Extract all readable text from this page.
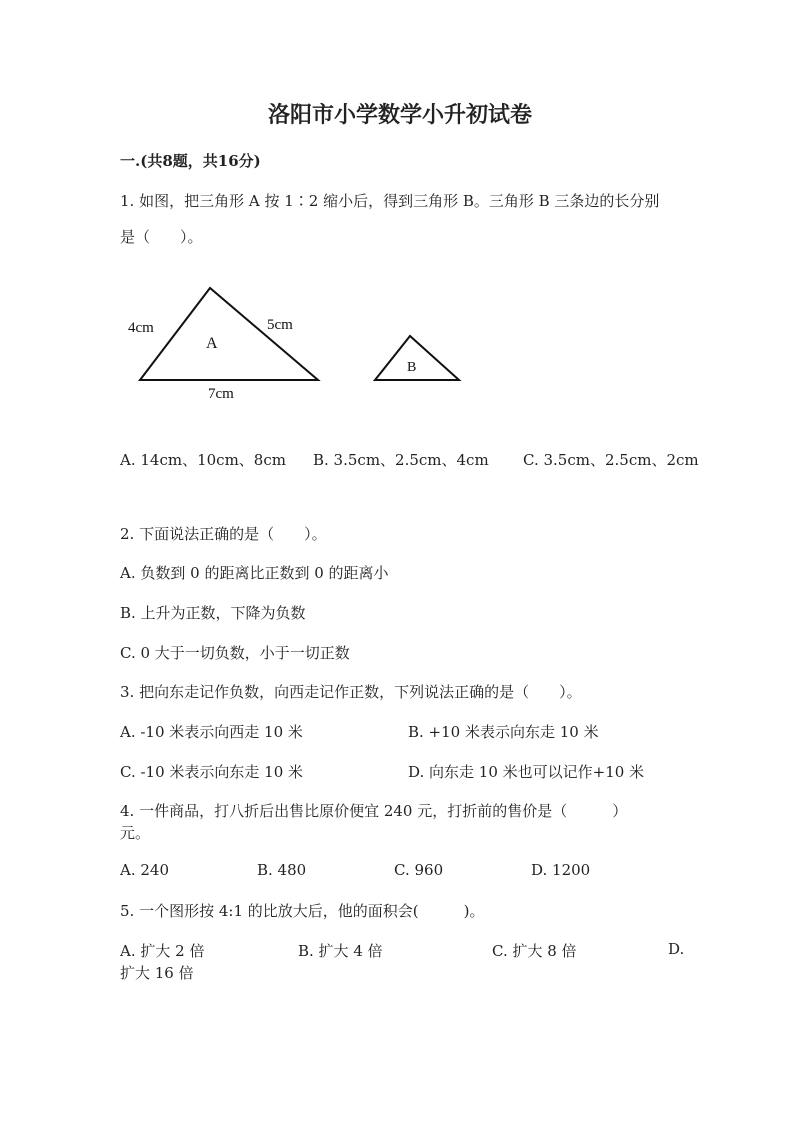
洛阳市小学数学小升初试卷
一.(共8题，共16分)
1. 如图，把三角形 A 按 1∶2 缩小后，得到三角形 B。三角形 B 三条边的长分别
是（　　）。
4cm	5cm
7cm
A
B
A. 14cm、10cm、8cm B. 3.5cm、2.5cm、4cm C. 3.5cm、2.5cm、2cm
2. 下面说法正确的是（　　）。
A. 负数到 0 的距离比正数到 0 的距离小
B. 上升为正数，下降为负数
C. 0 大于一切负数，小于一切正数
3. 把向东走记作负数，向西走记作正数，下列说法正确的是（　　）。
A. -10 米表示向西走 10 米	B. +10 米表示向东走 10 米
C. -10 米表示向东走 10 米	D. 向东走 10 米也可以记作+10 米
4. 一件商品，打八折后出售比原价便宜 240 元，打折前的售价是（　　　）
元。
A. 240	B. 480	C. 960	D. 1200
5. 一个图形按 4:1 的比放大后，他的面积会(　　　)。
A. 扩大 2 倍	B. 扩大 4 倍	C. 扩大 8 倍	D.
扩大 16 倍
